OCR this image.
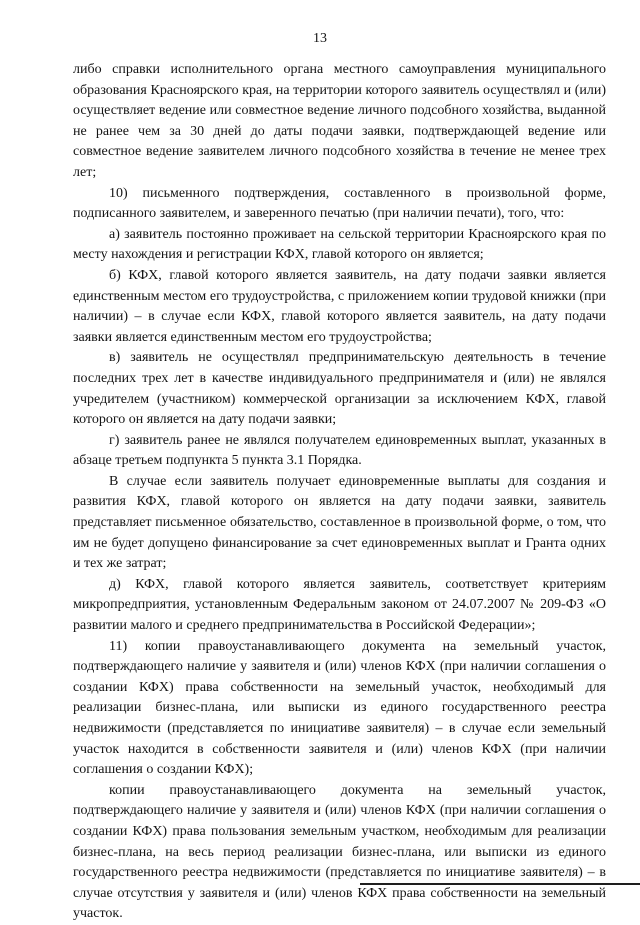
13

либо справки исполнительного органа местного самоуправления муниципального образования Красноярского края, на территории которого заявитель осуществлял и (или) осуществляет ведение или совместное ведение личного подсобного хозяйства, выданной не ранее чем за 30 дней до даты подачи заявки, подтверждающей ведение или совместное ведение заявителем личного подсобного хозяйства в течение не менее трех лет;

10) письменного подтверждения, составленного в произвольной форме, подписанного заявителем, и заверенного печатью (при наличии печати), того, что:

а) заявитель постоянно проживает на сельской территории Красноярского края по месту нахождения и регистрации КФХ, главой которого он является;

б) КФХ, главой которого является заявитель, на дату подачи заявки является единственным местом его трудоустройства, с приложением копии трудовой книжки (при наличии) – в случае если КФХ, главой которого является заявитель, на дату подачи заявки является единственным местом его трудоустройства;

в) заявитель не осуществлял предпринимательскую деятельность в течение последних трех лет в качестве индивидуального предпринимателя и (или) не являлся учредителем (участником) коммерческой организации за исключением КФХ, главой которого он является на дату подачи заявки;

г) заявитель ранее не являлся получателем единовременных выплат, указанных в абзаце третьем подпункта 5 пункта 3.1 Порядка.

В случае если заявитель получает единовременные выплаты для создания и развития КФХ, главой которого он является на дату подачи заявки, заявитель представляет письменное обязательство, составленное в произвольной форме, о том, что им не будет допущено финансирование за счет единовременных выплат и Гранта одних и тех же затрат;

д) КФХ, главой которого является заявитель, соответствует критериям микропредприятия, установленным Федеральным законом от 24.07.2007 № 209-ФЗ «О развитии малого и среднего предпринимательства в Российской Федерации»;

11) копии правоустанавливающего документа на земельный участок, подтверждающего наличие у заявителя и (или) членов КФХ (при наличии соглашения о создании КФХ) права собственности на земельный участок, необходимый для реализации бизнес-плана, или выписки из единого государственного реестра недвижимости (представляется по инициативе заявителя) – в случае если земельный участок находится в собственности заявителя и (или) членов КФХ (при наличии соглашения о создании КФХ);

копии правоустанавливающего документа на земельный участок, подтверждающего наличие у заявителя и (или) членов КФХ (при наличии соглашения о создании КФХ) права пользования земельным участком, необходимым для реализации бизнес-плана, на весь период реализации бизнес-плана, или выписки из единого государственного реестра недвижимости (представляется по инициативе заявителя) – в случае отсутствия у заявителя и (или) членов КФХ права собственности на земельный участок.
